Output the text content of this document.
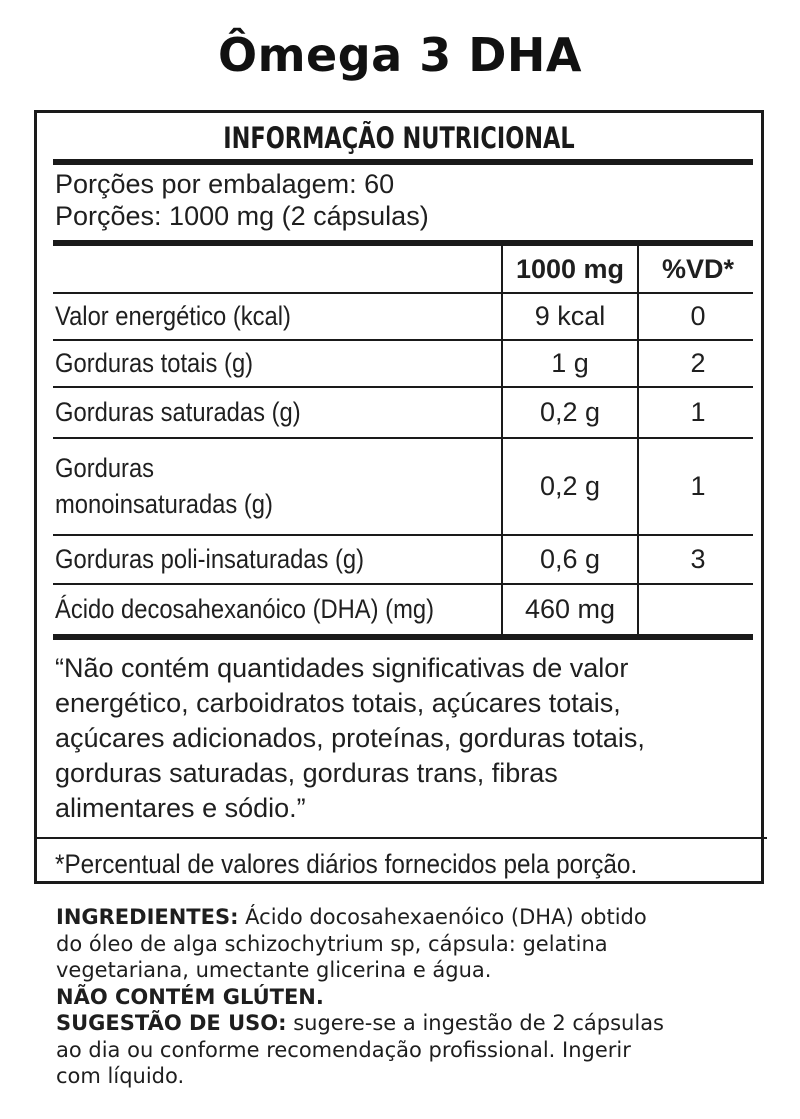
Ômega 3 DHA
INFORMAÇÃO NUTRICIONAL
Porções por embalagem: 60
Porções: 1000 mg (2 cápsulas)
1000 mg	%VD*
Valor energético (kcal)	9 kcal	0
Gorduras totais (g)	1 g	2
Gorduras saturadas (g)	0,2 g	1
Gorduras
monoinsaturadas (g)
0,2 g	1
Gorduras poli-insaturadas (g)	0,6 g	3
Ácido decosahexanóico (DHA) (mg)	460 mg
“Não contém quantidades significativas de valor
energético, carboidratos totais, açúcares totais,
açúcares adicionados, proteínas, gorduras totais,
gorduras saturadas, gorduras trans, fibras
alimentares e sódio.”
*Percentual de valores diários fornecidos pela porção.
INGREDIENTES: Ácido docosahexaenóico (DHA) obtido
do óleo de alga schizochytrium sp, cápsula: gelatina
vegetariana, umectante glicerina e água.
NÃO CONTÉM GLÚTEN.
SUGESTÃO DE USO: sugere-se a ingestão de 2 cápsulas
ao dia ou conforme recomendação profissional. Ingerir
com líquido.
